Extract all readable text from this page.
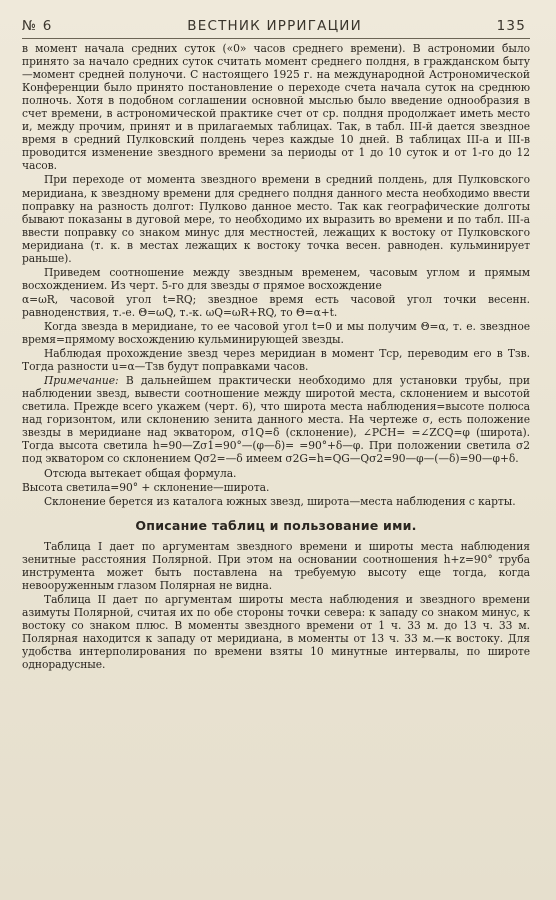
№ 6	ВЕСТНИК ИРРИГАЦИИ	135

в момент начала средних суток («0» часов среднего времени). В астрономии было принято за начало средних суток считать момент среднего полдня, в гражданском быту—момент средней полуночи. С настоящего 1925 г. на международной Астрономической Конференции было принято постановление о переходе счета начала суток на среднюю полночь. Хотя в подобном соглашении основной мыслью было введение однообразия в счет времени, в астрономической практике счет от ср. полдня продолжает иметь место и, между прочим, принят и в прилагаемых таблицах. Так, в табл. III-й дается звездное время в средний Пулковский полдень через каждые 10 дней. В таблицах III-а и III-в проводится изменение звездного времени за периоды от 1 до 10 суток и от 1-го до 12 часов.

При переходе от момента звездного времени в средний полдень, для Пулковского меридиана, к звездному времени для среднего полдня данного места необходимо ввести поправку на разность долгот: Пулково данное место. Так как географические долготы бывают показаны в дуговой мере, то необходимо их выразить во времени и по табл. III-а ввести поправку со знаком минус для местностей, лежащих к востоку от Пулковского меридиана (т. к. в местах лежащих к востоку точка весен. равноден. кульминирует раньше).

Приведем соотношение между звездным временем, часовым углом и прямым восхождением. Из черт. 5-го для звезды σ прямое восхождение

α=ωR, часовой угол t=RQ; звездное время есть часовой угол точки весенн. равноденствия, т.-е. Θ=ωQ, т.-к. ωQ=ωR+RQ, то Θ=α+t.

Когда звезда в меридиане, то ее часовой угол t=0 и мы получим Θ=α, т. е. звездное время=прямому восхождению кульминирующей звезды.

Наблюдая прохождение звезд через меридиан в момент Тср, переводим его в Тзв. Тогда разности u=α—Тзв будут поправками часов.

Примечание: В дальнейшем практически необходимо для установки трубы, при наблюдении звезд, вывести соотношение между широтой места, склонением и высотой светила. Прежде всего укажем (черт. 6), что широта места наблюдения=высоте полюса над горизонтом, или склонению зенита данного места. На чертеже σ, есть положение звезды в меридиане над экватором, σ1Q=δ (склонение), ∠PCH= =∠ZCQ=φ (широта). Тогда высота светила h=90—Zσ1=90°—(φ—δ)= =90°+δ—φ. При положении светила σ2 под экватором со склонением Qσ2=—δ имеем σ2G=h=QG—Qσ2=90—φ—(—δ)=90—φ+δ.

Отсюда вытекает общая формула.

Высота светила=90° + склонение—широта.

Склонение берется из каталога южных звезд, широта—места наблюдения с карты.

Описание таблиц и пользование ими.

Таблица I дает по аргументам звездного времени и широты места наблюдения зенитные расстояния Полярной. При этом на основании соотношения h+z=90° труба инструмента может быть поставлена на требуемую высоту еще тогда, когда невооруженным глазом Полярная не видна.

Таблица II дает по аргументам широты места наблюдения и звездного времени азимуты Полярной, считая их по обе стороны точки севера: к западу со знаком минус, к востоку со знаком плюс. В моменты звездного времени от 1 ч. 33 м. до 13 ч. 33 м. Полярная находится к западу от меридиана, в моменты от 13 ч. 33 м.—к востоку. Для удобства интерполирования по времени взяты 10 минутные интервалы, по широте однорадусные.
